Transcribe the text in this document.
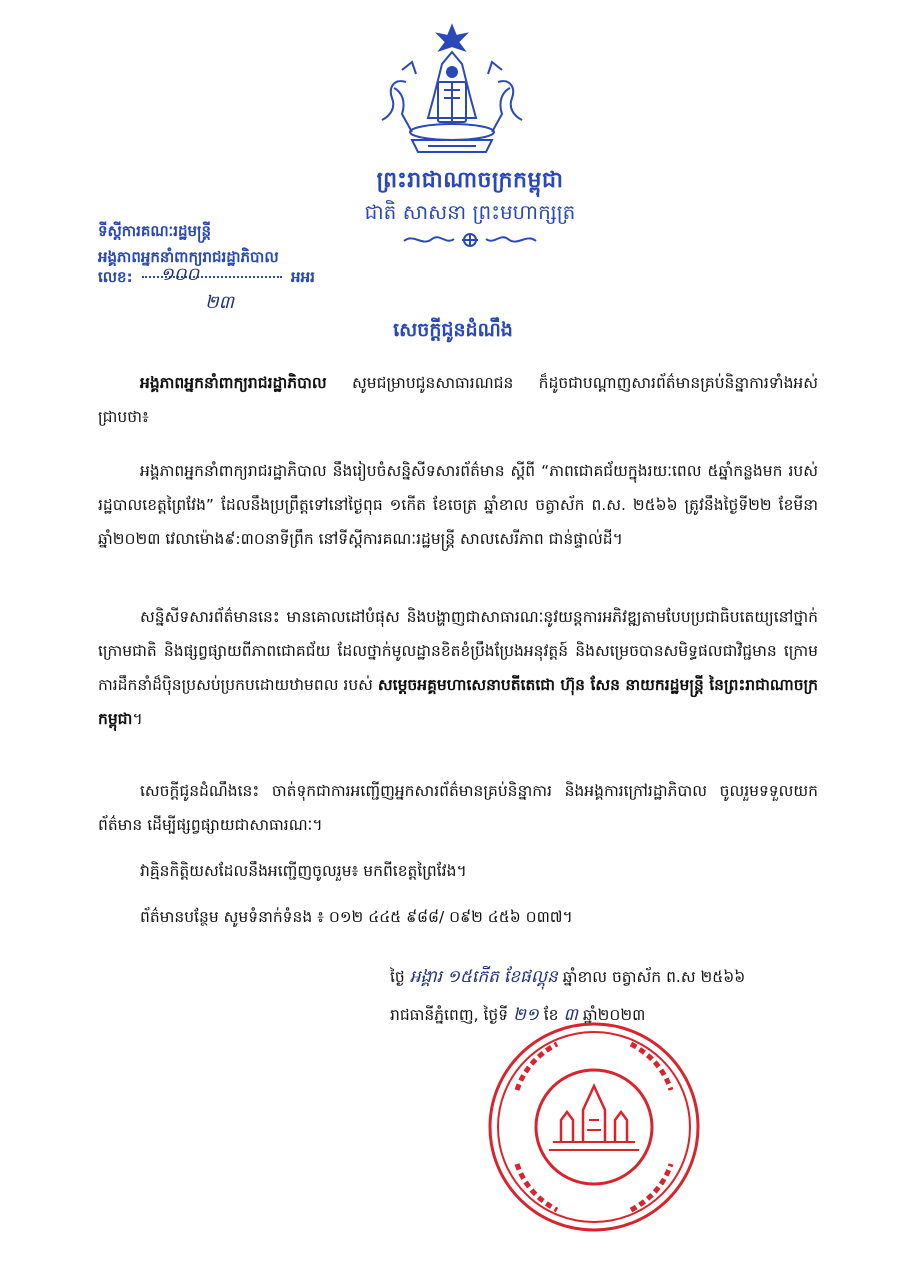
ព្រះរាជាណាចក្រកម្ពុជា
ជាតិ សាសនា ព្រះមហាក្សត្រ
ទីស្តីការគណៈរដ្ឋមន្ត្រី
អង្គភាពអ្នកនាំពាក្យរាជរដ្ឋាភិបាល
លេខ:	អអរ
១០០
២៣
សេចក្តីជូនដំណឹង
អង្គភាពអ្នកនាំពាក្យរាជរដ្ឋាភិបាល សូមជម្រាបជូនសាធារណជន ក៏ដូចជាបណ្តាញសារព័ត៌មានគ្រប់និន្នាការទាំងអស់ជ្រាបថា៖
អង្គភាពអ្នកនាំពាក្យរាជរដ្ឋាភិបាល នឹងរៀបចំសន្និសីទសារព័ត៌មាន ស្តីពី “ភាពជោគជ័យក្នុងរយៈពេល ៥ឆ្នាំកន្លងមក របស់រដ្ឋបាលខេត្តព្រៃវែង” ដែលនឹងប្រព្រឹត្តទៅនៅថ្ងៃពុធ ១កើត ខែចេត្រ ឆ្នាំខាល ចត្វាស័ក ព.ស. ២៥៦៦ ត្រូវនឹងថ្ងៃទី២២ ខែមីនា ឆ្នាំ២០២៣ វេលាម៉ោង៩:៣០នាទីព្រឹក នៅទីស្តីការគណៈរដ្ឋមន្ត្រី សាលសេរីភាព ជាន់ផ្ទាល់ដី។
សន្និសីទសារព័ត៌មាននេះ មានគោលដៅបំផុស និងបង្ហាញជាសាធារណៈនូវយន្តការអភិវឌ្ឍតាមបែបប្រជាធិបតេយ្យនៅថ្នាក់ក្រោមជាតិ និងផ្សព្វផ្សាយពីភាពជោគជ័យ ដែលថ្នាក់មូលដ្ឋានខិតខំប្រឹងប្រែងអនុវត្តន៍ និងសម្រេចបានសមិទ្ធផលជាវិជ្ជមាន ក្រោមការដឹកនាំដ៏ប៉ិនប្រសប់ប្រកបដោយឋាមពល របស់ សម្តេចអគ្គមហាសេនាបតីតេជោ ហ៊ុន សែន នាយករដ្ឋមន្ត្រី នៃព្រះរាជាណាចក្រកម្ពុជា។
សេចក្តីជូនដំណឹងនេះ ចាត់ទុកជាការអញ្ជើញអ្នកសារព័ត៌មានគ្រប់និន្នាការ និងអង្គការក្រៅរដ្ឋាភិបាល ចូលរួមទទួលយកព័ត៌មាន ដើម្បីផ្សព្វផ្សាយជាសាធារណៈ។
វាគ្មិនកិត្តិយសដែលនឹងអញ្ជើញចូលរួម៖ មកពីខេត្តព្រៃវែង។
ព័ត៌មានបន្ថែម សូមទំនាក់ទំនង ៖ ០១២ ៤៤៥ ៩៨៨/ ០៩២ ៤៥៦ ០៣៧។
ថ្ងៃ អង្គារ ១៥កើត ខែផល្គុន ឆ្នាំខាល ចត្វាស័ក ព.ស ២៥៦៦
រាជធានីភ្នំពេញ, ថ្ងៃទី ២១ ខែ ៣ ឆ្នាំ២០២៣
